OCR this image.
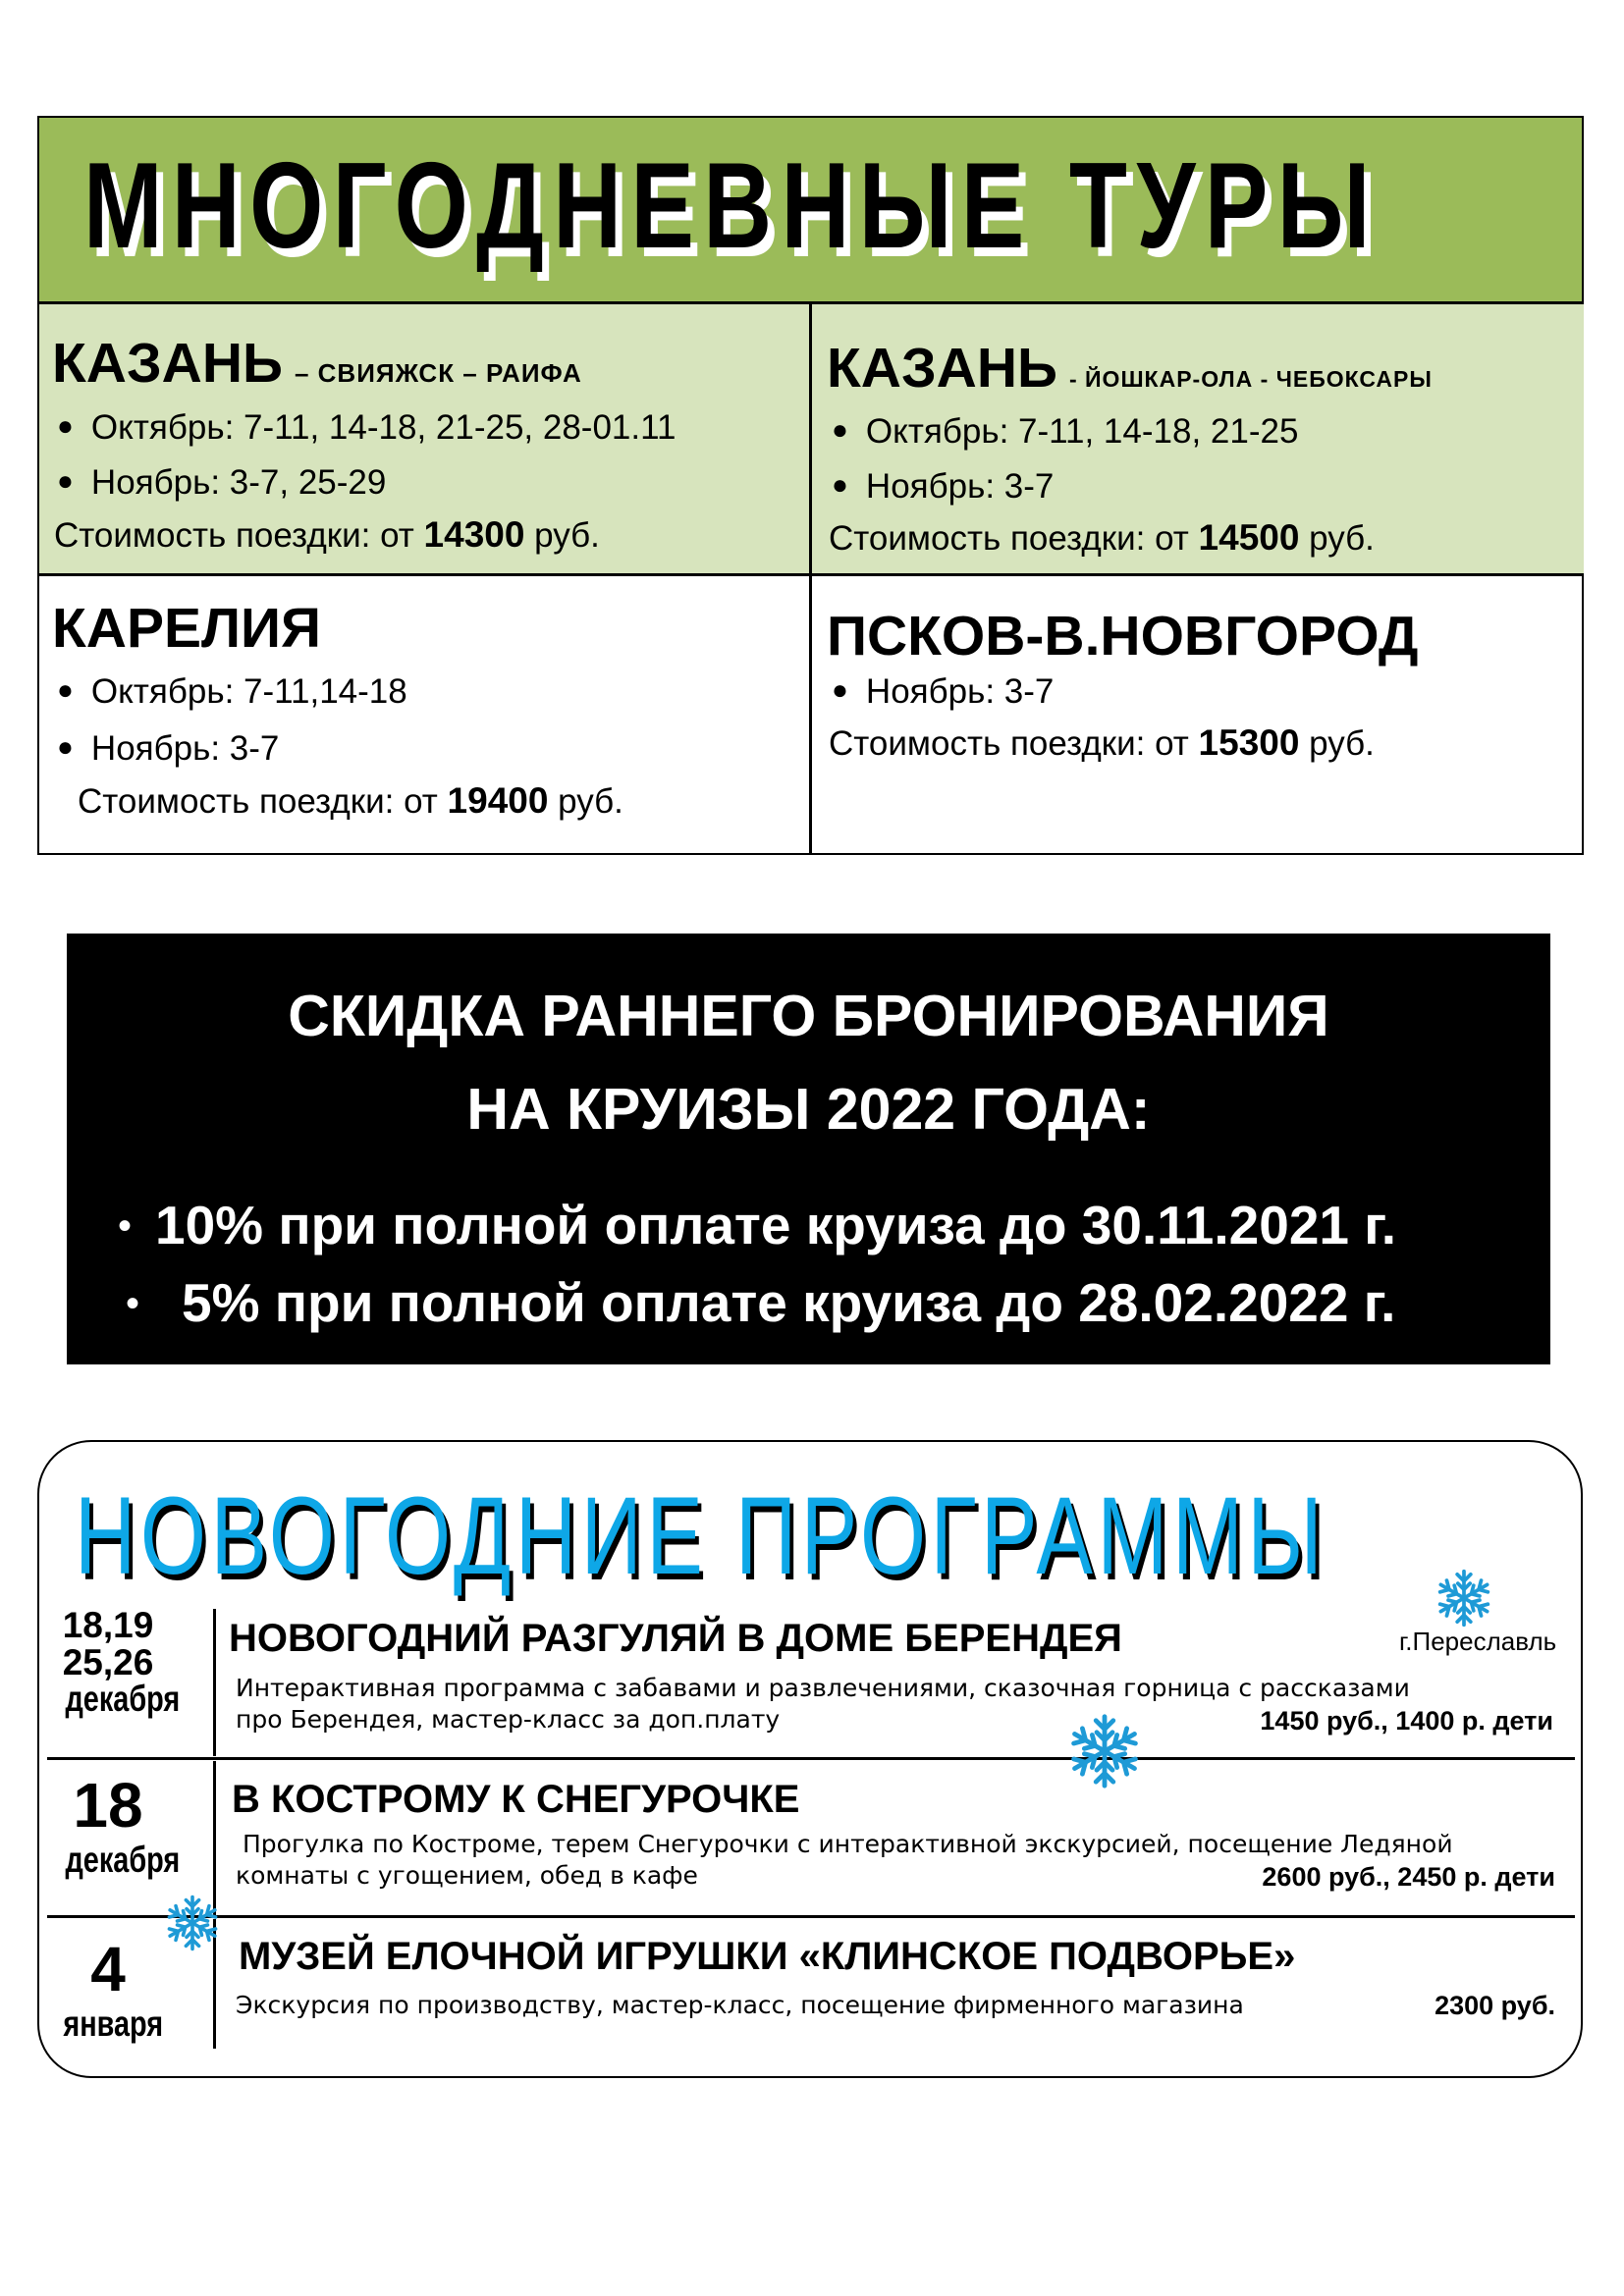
МНОГОДНЕВНЫЕ ТУРЫ
КАЗАНЬ – СВИЯЖСК – РАИФА
● Октябрь: 7-11, 14-18, 21-25, 28-01.11
● Ноябрь: 3-7, 25-29
Стоимость поездки: от 14300 руб.
КАЗАНЬ - ЙОШКАР-ОЛА - ЧЕБОКСАРЫ
● Октябрь: 7-11, 14-18, 21-25
● Ноябрь: 3-7
Стоимость поездки: от 14500 руб.
КАРЕЛИЯ
● Октябрь: 7-11,14-18
● Ноябрь: 3-7
Стоимость поездки: от 19400 руб.
ПСКОВ-В.НОВГОРОД
● Ноябрь: 3-7
Стоимость поездки: от 15300 руб.
СКИДКА РАННЕГО БРОНИРОВАНИЯ
НА КРУИЗЫ 2022 ГОДА:
• 10% при полной оплате круиза до 30.11.2021 г.
• 5% при полной оплате круиза до 28.02.2022 г.
НОВОГОДНИЕ ПРОГРАММЫ
18,19
25,26
декабря
НОВОГОДНИЙ РАЗГУЛЯЙ В ДОМЕ БЕРЕНДЕЯ	г.Переславль
Интерактивная программа с забавами и развлечениями, сказочная горница с рассказами
про Берендея, мастер-класс за доп.плату	1450 руб., 1400 р. дети
18
декабря
В КОСТРОМУ К СНЕГУРОЧКЕ
Прогулка по Костроме, терем Снегурочки с интерактивной экскурсией, посещение Ледяной
комнаты с угощением, обед в кафе	2600 руб., 2450 р. дети
4
января
МУЗЕЙ ЕЛОЧНОЙ ИГРУШКИ «КЛИНСКОЕ ПОДВОРЬЕ»
Экскурсия по производству, мастер-класс, посещение фирменного магазина	2300 руб.
